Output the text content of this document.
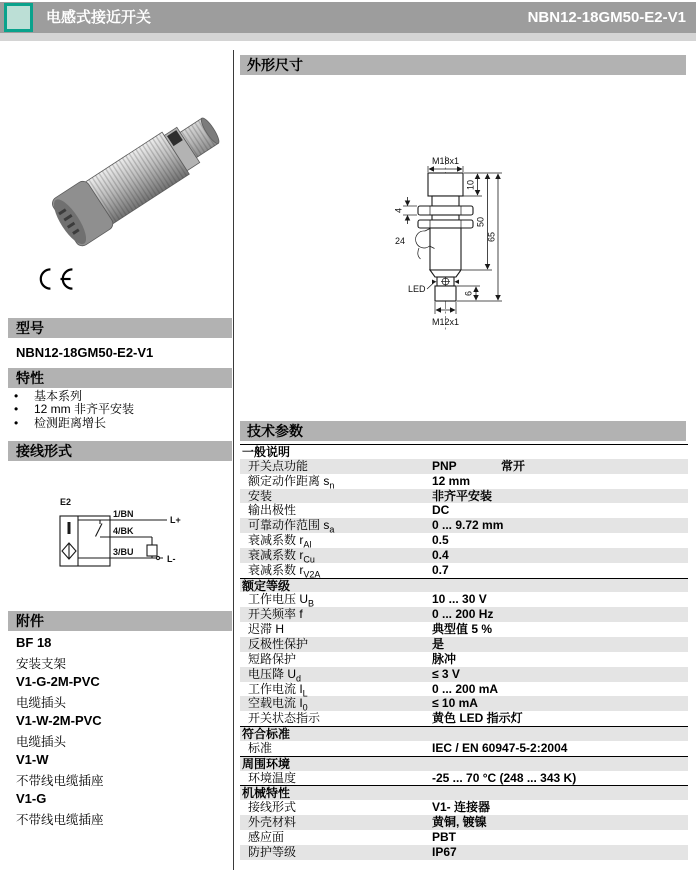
电感式接近开关	NBN12-18GM50-E2-V1
型号
NBN12-18GM50-E2-V1
特性
•	基本系列
•	12 mm 非齐平安装
•	检测距离增长
接线形式
E2
1/BN
4/BK
3/BU
L+
L-
附件
BF 18
安装支架
V1-G-2M-PVC
电缆插头
V1-W-2M-PVC
电缆插头
V1-W
不带线电缆插座
V1-G
不带线电缆插座
外形尺寸
M18x1
10
50
65
6
4
24
LED
M12x1
技术参数
一般说明
开关点功能	PNP	常开
额定动作距离 $s_n$	12 mm
安装	非齐平安装
输出极性	DC
可靠动作范围 $s_a$	0 ... 9.72 mm
衰减系数 $r_{Al}$	0.5
衰减系数 $r_{Cu}$	0.4
衰减系数 $r_{V2A}$	0.7
额定等级
工作电压 $U_B$	10 ... 30 V
开关频率 f	0 ... 200 Hz
迟滞 H	典型值 5 %
反极性保护	是
短路保护	脉冲
电压降 $U_d$	≤ 3 V
工作电流 $I_L$	0 ... 200 mA
空载电流 $I_0$	≤ 10 mA
开关状态指示	黄色 LED 指示灯
符合标准
标准	IEC / EN 60947-5-2:2004
周围环境
环境温度	-25 ... 70 °C (248 ... 343 K)
机械特性
接线形式	V1- 连接器
外壳材料	黄铜, 镀镍
感应面	PBT
防护等级	IP67
